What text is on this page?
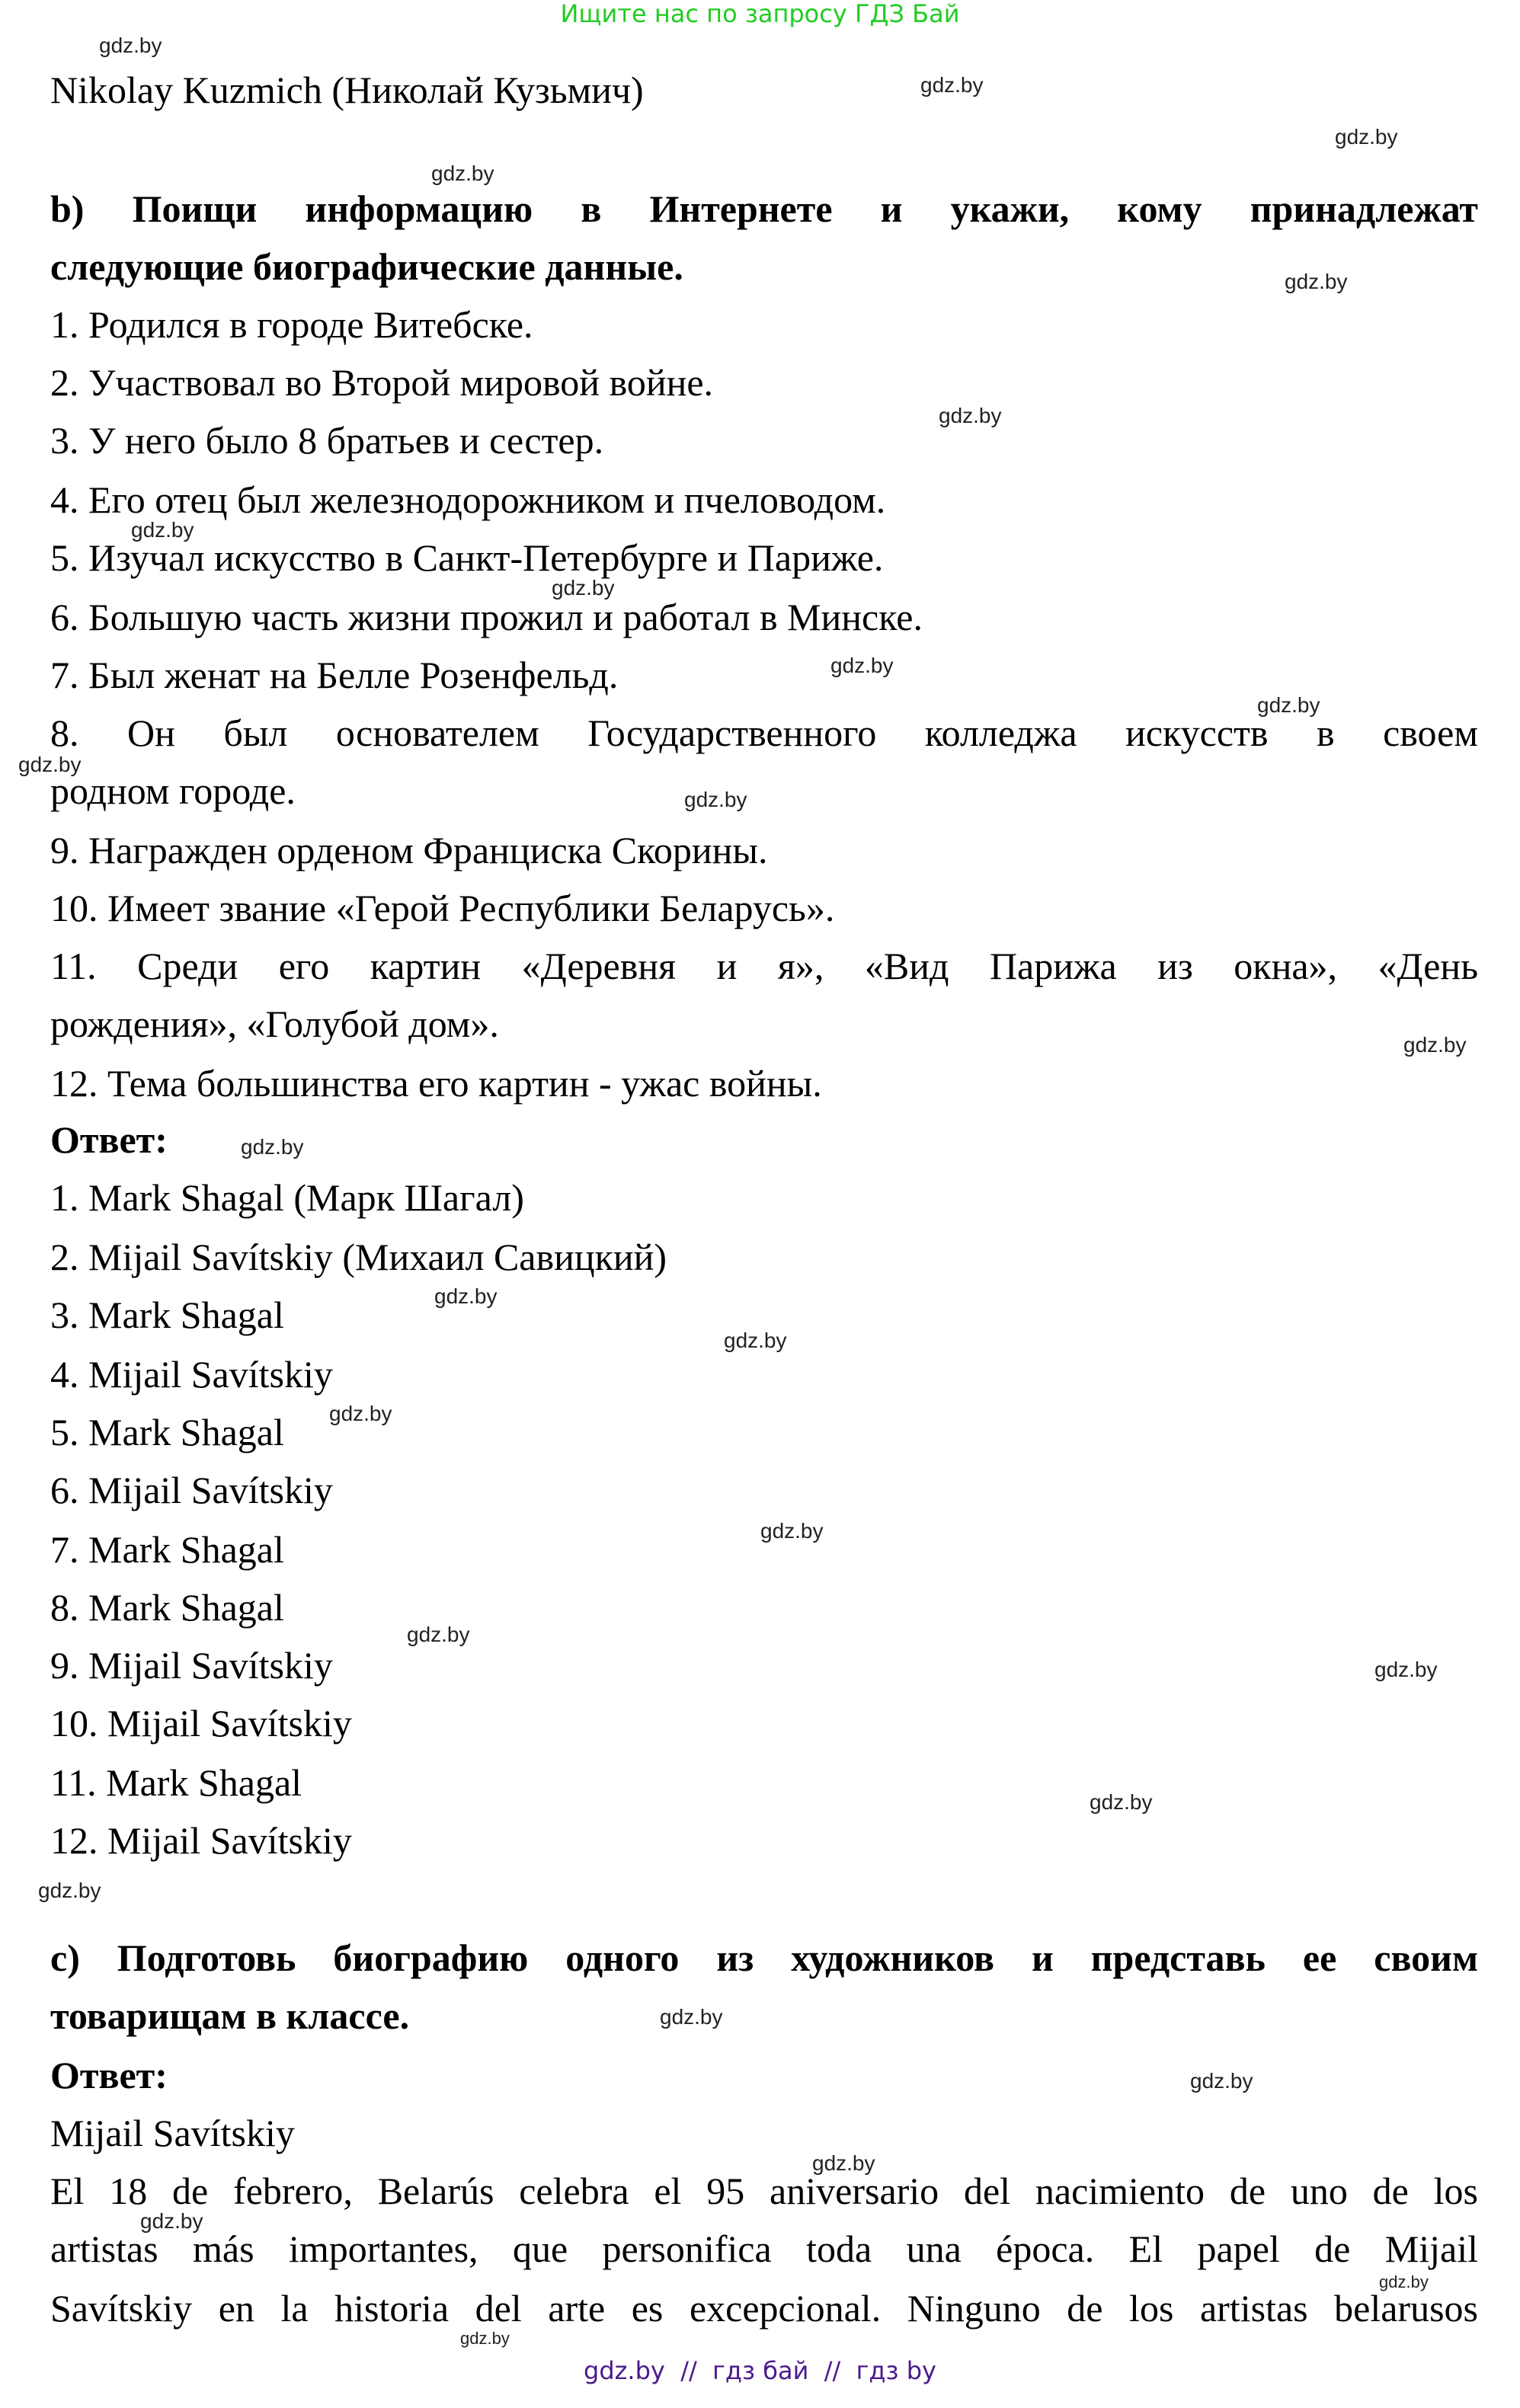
Ищите нас по запросу ГДЗ Бай
gdz.by
gdz.by
gdz.by
gdz.by
gdz.by
gdz.by
gdz.by
gdz.by
gdz.by
gdz.by
gdz.by
gdz.by
gdz.by
gdz.by
gdz.by
gdz.by
gdz.by
gdz.by
gdz.by
gdz.by
gdz.by
gdz.by
gdz.by
gdz.by
gdz.by
gdz.by
gdz.by
gdz.by
Nikolay Kuzmich (Николай Кузьмич)
b) Поищи информацию в Интернете и укажи, кому принадлежат
следующие биографические данные.
1. Родился в городе Витебске.
2. Участвовал во Второй мировой войне.
3. У него было 8 братьев и сестер.
4. Его отец был железнодорожником и пчеловодом.
5. Изучал искусство в Санкт-Петербурге и Париже.
6. Большую часть жизни прожил и работал в Минске.
7. Был женат на Белле Розенфельд.
8. Он был основателем Государственного колледжа искусств в своем
родном городе.
9. Награжден орденом Франциска Скорины.
10. Имеет звание «Герой Республики Беларусь».
11. Среди его картин «Деревня и я», «Вид Парижа из окна», «День
рождения», «Голубой дом».
12. Тема большинства его картин - ужас войны.
Ответ:
1. Mark Shagal (Марк Шагал)
2. Mijail Savítskiy (Михаил Савицкий)
3. Mark Shagal
4. Mijail Savítskiy
5. Mark Shagal
6. Mijail Savítskiy
7. Mark Shagal
8. Mark Shagal
9. Mijail Savítskiy
10. Mijail Savítskiy
11. Mark Shagal
12. Mijail Savítskiy
c) Подготовь биографию одного из художников и представь ее своим
товарищам в классе.
Ответ:
Mijail Savítskiy
El 18 de febrero, Belarús celebra el 95 aniversario del nacimiento de uno de los
artistas más importantes, que personifica toda una época. El papel de Mijail
Savítskiy en la historia del arte es excepcional. Ninguno de los artistas belarusos
gdz.by  //  гдз бай  //  гдз by
